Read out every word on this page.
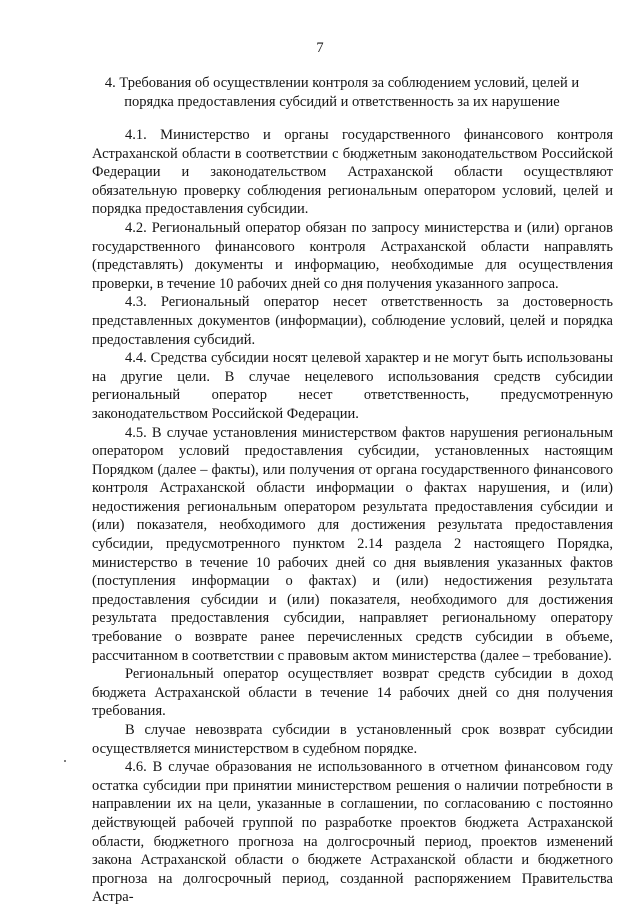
7
4. Требования об осуществлении контроля за соблюдением условий, целей и порядка предоставления субсидий и ответственность за их нарушение

4.1. Министерство и органы государственного финансового контроля Астраханской области в соответствии с бюджетным законодательством Российской Федерации и законодательством Астраханской области осуществляют обязательную проверку соблюдения региональным оператором условий, целей и порядка предоставления субсидии.

4.2. Региональный оператор обязан по запросу министерства и (или) органов государственного финансового контроля Астраханской области направлять (представлять) документы и информацию, необходимые для осуществления проверки, в течение 10 рабочих дней со дня получения указанного запроса.

4.3. Региональный оператор несет ответственность за достоверность представленных документов (информации), соблюдение условий, целей и порядка предоставления субсидий.

4.4. Средства субсидии носят целевой характер и не могут быть использованы на другие цели. В случае нецелевого использования средств субсидии региональный оператор несет ответственность, предусмотренную законодательством Российской Федерации.

4.5. В случае установления министерством фактов нарушения региональным оператором условий предоставления субсидии, установленных настоящим Порядком (далее – факты), или получения от органа государственного финансового контроля Астраханской области информации о фактах нарушения, и (или) недостижения региональным оператором результата предоставления субсидии и (или) показателя, необходимого для достижения результата предоставления субсидии, предусмотренного пунктом 2.14 раздела 2 настоящего Порядка, министерство в течение 10 рабочих дней со дня выявления указанных фактов (поступления информации о фактах) и (или) недостижения результата предоставления субсидии и (или) показателя, необходимого для достижения результата предоставления субсидии, направляет региональному оператору требование о возврате ранее перечисленных средств субсидии в объеме, рассчитанном в соответствии с правовым актом министерства (далее – требование).

Региональный оператор осуществляет возврат средств субсидии в доход бюджета Астраханской области в течение 14 рабочих дней со дня получения требования.

В случае невозврата субсидии в установленный срок возврат субсидии осуществляется министерством в судебном порядке.

4.6. В случае образования не использованного в отчетном финансовом году остатка субсидии при принятии министерством решения о наличии потребности в направлении их на цели, указанные в соглашении, по согласованию с постоянно действующей рабочей группой по разработке проектов бюджета Астраханской области, бюджетного прогноза на долгосрочный период, проектов изменений закона Астраханской области о бюджете Астраханской области и бюджетного прогноза на долгосрочный период, созданной распоряжением Правительства Астра-
